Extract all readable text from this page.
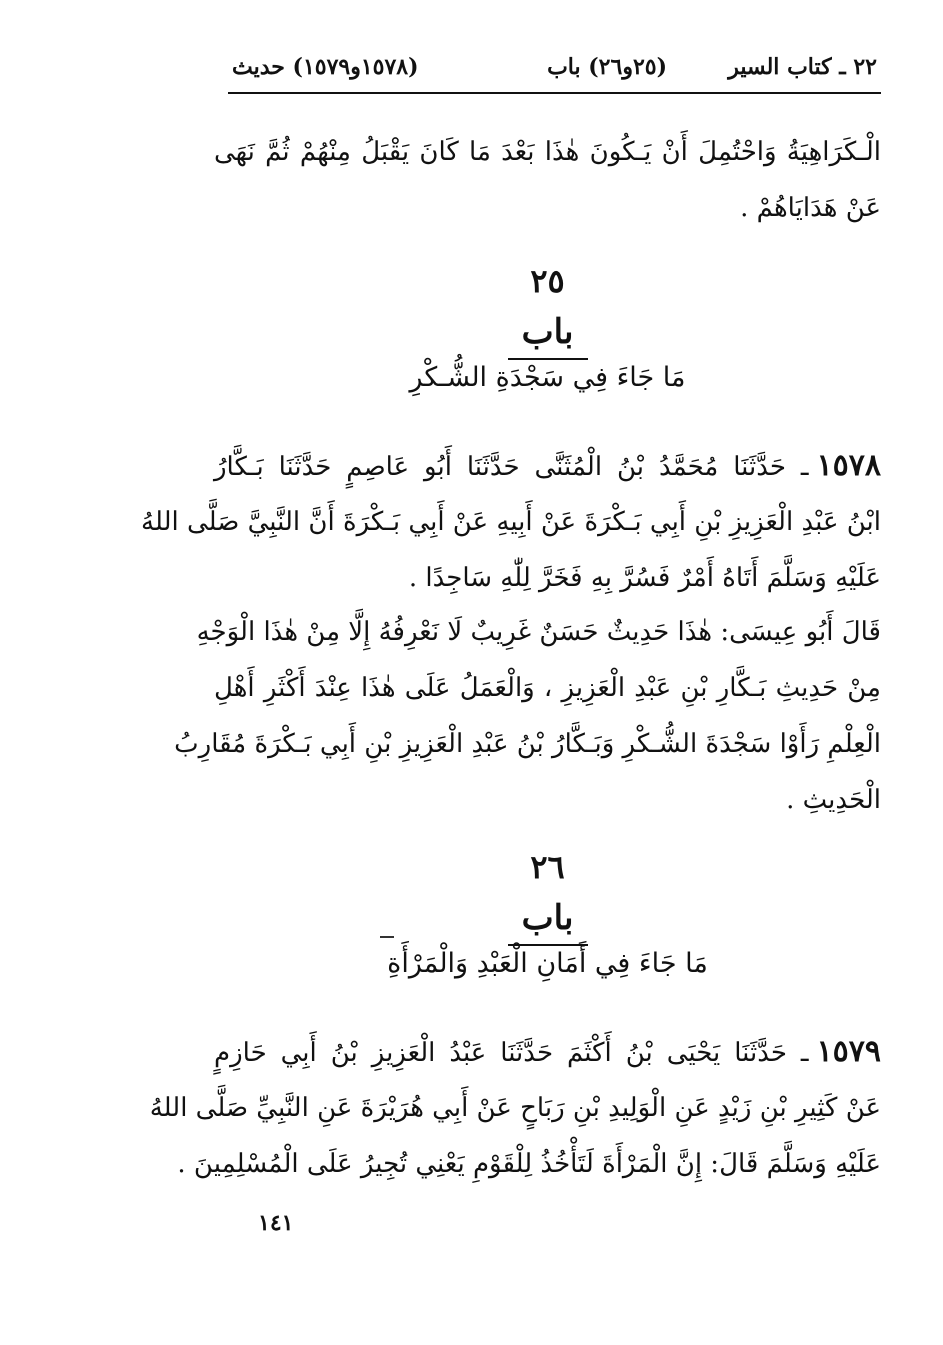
٢٢ ـ كتاب السير
(٢٥و٢٦) باب
(١٥٧٨و١٥٧٩) حديث
الْـكَرَاهِيَةُ وَاحْتُمِلَ أَنْ يَـكُونَ هٰذَا بَعْدَ مَا كَانَ يَقْبَلُ مِنْهُمْ ثُمَّ نَهَى
عَنْ هَدَايَاهُمْ .
٢٥
باب
مَا جَاءَ فِي سَجْدَةِ الشُّـكْرِ
١٥٧٨ـ حَدَّثَنَا مُحَمَّدُ بْنُ الْمُثَنَّى حَدَّثَنَا أَبُو عَاصِمٍ حَدَّثَنَا بَـكَّارُ
ابْنُ عَبْدِ الْعَزِيزِ بْنِ أَبِي بَـكْرَةَ عَنْ أَبِيهِ عَنْ أَبِي بَـكْرَةَ أَنَّ النَّبِيَّ صَلَّى اللهُ
عَلَيْهِ وَسَلَّمَ أَتَاهُ أَمْرٌ فَسُرَّ بِهِ فَخَرَّ لِلّٰهِ سَاجِدًا .
قَالَ أَبُو عِيسَى: هٰذَا حَدِيثٌ حَسَنٌ غَرِيبٌ لَا نَعْرِفُهُ إِلَّا مِنْ هٰذَا الْوَجْهِ
مِنْ حَدِيثِ بَـكَّارِ بْنِ عَبْدِ الْعَزِيزِ ، وَالْعَمَلُ عَلَى هٰذَا عِنْدَ أَكْثَرِ أَهْلِ
الْعِلْمِ رَأَوْا سَجْدَةَ الشُّـكْرِ وَبَـكَّارُ بْنُ عَبْدِ الْعَزِيزِ بْنِ أَبِي بَـكْرَةَ مُقَارِبُ
الْحَدِيثِ .
٢٦
باب
مَا جَاءَ فِي أَمَانِ الْعَبْدِ وَالْمَرْأَةِ
١٥٧٩ـ حَدَّثَنَا يَحْيَى بْنُ أَكْثَمَ حَدَّثَنَا عَبْدُ الْعَزِيزِ بْنُ أَبِي حَازِمٍ
عَنْ كَثِيرِ بْنِ زَيْدٍ عَنِ الْوَلِيدِ بْنِ رَبَاحٍ عَنْ أَبِي هُرَيْرَةَ عَنِ النَّبِيِّ صَلَّى اللهُ
عَلَيْهِ وَسَلَّمَ قَالَ: إِنَّ الْمَرْأَةَ لَتَأْخُذُ لِلْقَوْمِ يَعْنِي تُجِيرُ عَلَى الْمُسْلِمِينَ .
١٤١
